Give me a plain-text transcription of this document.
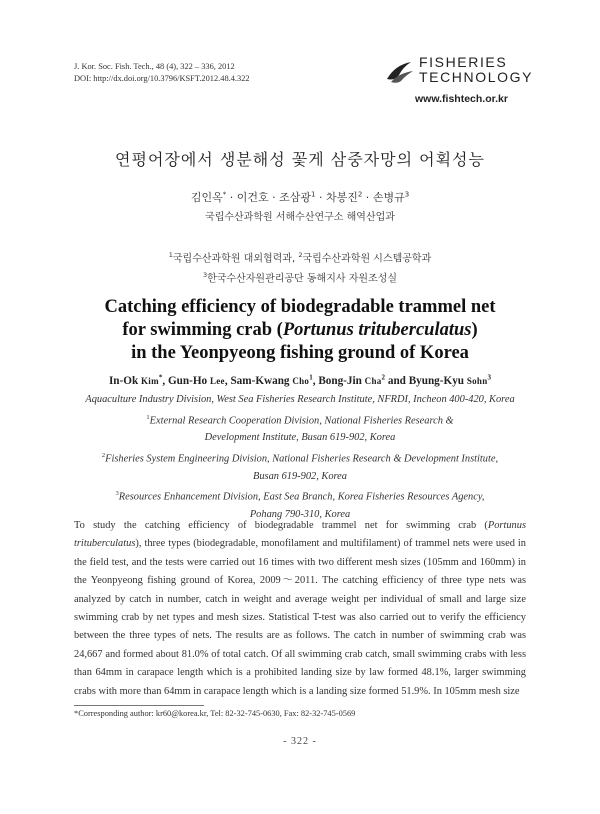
J. Kor. Soc. Fish. Tech., 48 (4), 322 – 336, 2012
DOI: http://dx.doi.org/10.3796/KSFT.2012.48.4.322
FISHERIES
TECHNOLOGY
www.fishtech.or.kr
연평어장에서 생분해성 꽃게 삼중자망의 어획성능
김인옥* · 이건호 · 조삼광$^1$ · 차봉진$^2$ · 손병규$^3$
국립수산과학원 서해수산연구소 해역산업과
$^1$국립수산과학원 대외협력과, $^2$국립수산과학원 시스템공학과
$^3$한국수산자원관리공단 동해지사 자원조성실
Catching efficiency of biodegradable trammel net
for swimming crab (Portunus trituberculatus)
in the Yeonpyeong fishing ground of Korea
In-Ok Kim*, Gun-Ho Lee, Sam-Kwang Cho$^1$, Bong-Jin Cha$^2$ and Byung-Kyu Sohn$^3$
Aquaculture Industry Division, West Sea Fisheries Research Institute, NFRDI, Incheon 400-420, Korea
$^1$External Research Cooperation Division, National Fisheries Research &
Development Institute, Busan 619-902, Korea
$^2$Fisheries System Engineering Division, National Fisheries Research & Development Institute,
Busan 619-902, Korea
$^3$Resources Enhancement Division, East Sea Branch, Korea Fisheries Resources Agency,
Pohang 790-310, Korea
To study the catching efficiency of biodegradable trammel net for swimming crab (Portunus trituberculatus), three types (biodegradable, monofilament and multifilament) of trammel nets were used in the field test, and the tests were carried out 16 times with two different mesh sizes (105mm and 160mm) in the Yeonpyeong fishing ground of Korea, 2009～2011. The catching efficiency of three type nets was analyzed by catch in number, catch in weight and average weight per individual of small and large size swimming crab by net types and mesh sizes. Statistical T-test was also carried out to verify the efficiency between the three types of nets. The results are as follows. The catch in number of swimming crab was 24,667 and formed about 81.0% of total catch. Of all swimming crab catch, small swimming crabs with less than 64mm in carapace length which is a prohibited landing size by law formed 48.1%, larger swimming crabs with more than 64mm in carapace length which is a landing size formed 51.9%. In 105mm mesh size
*Corresponding author: kr60@korea.kr, Tel: 82-32-745-0630, Fax: 82-32-745-0569
- 322 -
